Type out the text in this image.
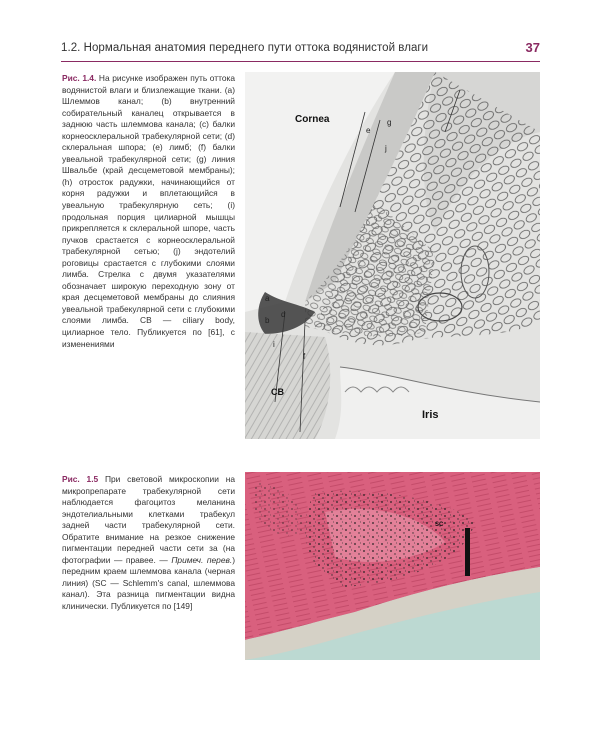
1.2. Нормальная анатомия переднего пути оттока водянистой влаги	37
Рис. 1.4. На рисунке изображен путь оттока водянистой влаги и близлежащие ткани. (a) Шлеммов канал; (b) внутренний собирательный каналец открывается в заднюю часть шлеммова канала; (c) балки корнеосклеральной трабекулярной сети; (d) склеральная шпора; (e) лимб; (f) балки увеальной трабекулярной сети; (g) линия Швальбе (край десцеметовой мембраны); (h) отросток радужки, начинающийся от корня радужки и вплетающийся в увеальную трабекулярную сеть; (i) продольная порция цилиарной мышцы прикрепляется к склеральной шпоре, часть пучков срастается с корнеосклеральной трабекулярной сетью; (j) эндотелий роговицы срастается с глубокими слоями лимба. Стрелка с двумя указателями обозначает широкую переходную зону от края десцеметовой мембраны до слияния увеальной трабекулярной сети с глубокими слоями лимба. CB — ciliary body, цилиарное тело. Публикуется по [61], с изменениями
Cornea
e
g
j
a
b
d
f
i
CB
Iris
Рис. 1.5 При световой микроскопии на микропрепарате трабекулярной сети наблюдается фагоцитоз меланина эндотелиальными клетками трабекул задней части трабекулярной сети. Обратите внимание на резкое снижение пигментации передней части сети за (на фотографии — правее. — Примеч. перев.) передним краем шлеммова канала (черная линия) (SC — Schlemm's canal, шлеммова канал). Эта разница пигментации видна клинически. Публикуется по [149]
SC
